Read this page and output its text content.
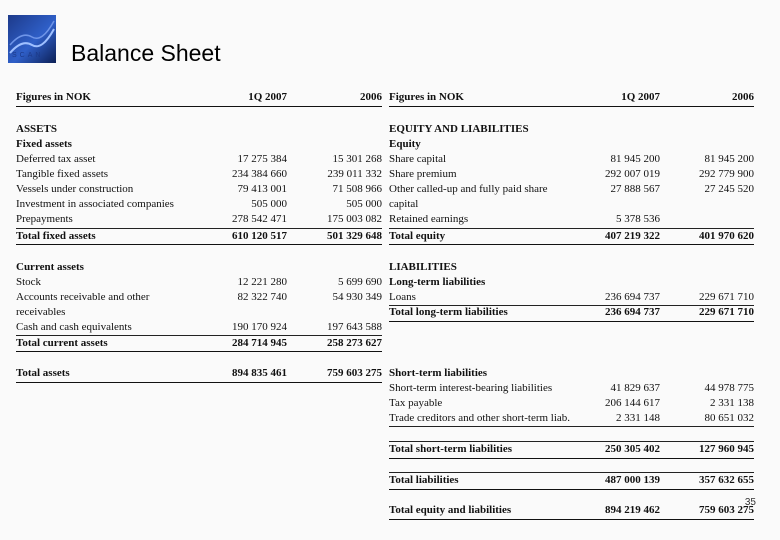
SCAN Balance Sheet
Figures in NOK	1Q 2007	2006
ASSETS
Fixed assets
Deferred tax asset	17 275 384	15 301 268
Tangible fixed assets	234 384 660	239 011 332
Vessels under construction	79 413 001	71 508 966
Investment in associated companies	505 000	505 000
Prepayments	278 542 471	175 003 082
Total fixed assets	610 120 517	501 329 648
Current assets
Stock	12 221 280	5 699 690
Accounts receivable and other	82 322 740	54 930 349
receivables
Cash and cash equivalents	190 170 924	197 643 588
Total current assets	284 714 945	258 273 627
Total assets	894 835 461	759 603 275
Figures in NOK	1Q 2007	2006
EQUITY AND LIABILITIES
Equity
Share capital	81 945 200	81 945 200
Share premium	292 007 019	292 779 900
Other called-up and fully paid share	27 888 567	27 245 520
capital
Retained earnings	5 378 536
Total equity	407 219 322	401 970 620
LIABILITIES
Long-term liabilities
Loans	236 694 737	229 671 710
Total long-term liabilities	236 694 737	229 671 710
Short-term liabilities
Short-term interest-bearing liabilities	41 829 637	44 978 775
Tax payable	206 144 617	2 331 138
Trade creditors and other short-term liab.	2 331 148	80 651 032
Total short-term liabilities	250 305 402	127 960 945
Total liabilities	487 000 139	357 632 655
Total equity and liabilities	894 219 462	759 603 275
35
